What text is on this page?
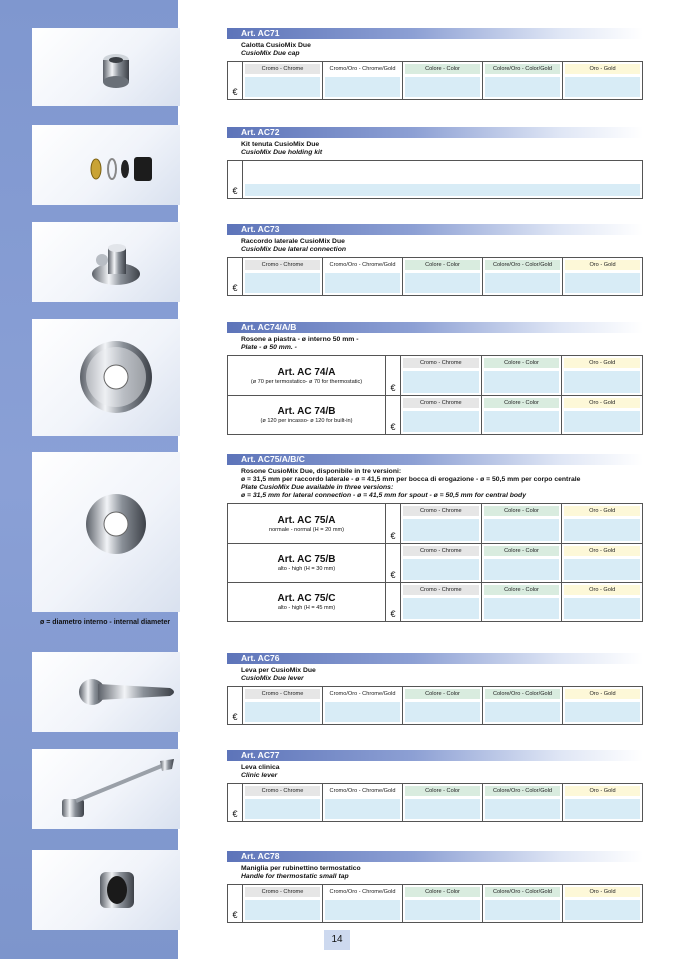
ø = diametro interno - internal diameter
Art. AC71
Calotta CusioMix Due
CusioMix Due cap
€
Cromo - Chrome	Cromo/Oro - Chrome/Gold	Colore - Color	Colore/Oro - Color/Gold	Oro - Gold
Art. AC72
Kit tenuta CusioMix Due
CusioMix Due holding kit
€
Art. AC73
Raccordo laterale CusioMix Due
CusioMix Due lateral connection
€
Cromo - Chrome	Cromo/Oro - Chrome/Gold	Colore - Color	Colore/Oro - Color/Gold	Oro - Gold
Art. AC74/A/B
Rosone a piastra - ø interno 50 mm -
Plate - ø 50 mm. -
Art. AC 74/A
(ø 70 per termostatico- ø 70 for thermostatic)
€
Cromo - Chrome	Colore - Color	Oro - Gold
Art. AC 74/B
(ø 120 per incasso- ø 120 for built-in)
€
Cromo - Chrome	Colore - Color	Oro - Gold
Art. AC75/A/B/C
Rosone CusioMix Due, disponibile in tre versioni:
ø = 31,5 mm per raccordo laterale - ø = 41,5 mm per bocca di erogazione - ø = 50,5 mm per corpo centrale
Plate CusioMix Due available in three versions:
ø = 31,5 mm for lateral connection - ø = 41,5 mm for spout - ø = 50,5 mm for central body
Art. AC 75/A
normale - normal (H = 20 mm)
€
Cromo - Chrome	Colore - Color	Oro - Gold
Art. AC 75/B
alto - high (H = 30 mm)
€
Cromo - Chrome	Colore - Color	Oro - Gold
Art. AC 75/C
alto - high (H = 45 mm)
€
Cromo - Chrome	Colore - Color	Oro - Gold
Art. AC76
Leva per CusioMix Due
CusioMix Due lever
€
Cromo - Chrome	Cromo/Oro - Chrome/Gold	Colore - Color	Colore/Oro - Color/Gold	Oro - Gold
Art. AC77
Leva clinica
Clinic lever
€
Cromo - Chrome	Cromo/Oro - Chrome/Gold	Colore - Color	Colore/Oro - Color/Gold	Oro - Gold
Art. AC78
Maniglia per rubinettino termostatico
Handle for thermostatic small tap
€
Cromo - Chrome	Cromo/Oro - Chrome/Gold	Colore - Color	Colore/Oro - Color/Gold	Oro - Gold
14
